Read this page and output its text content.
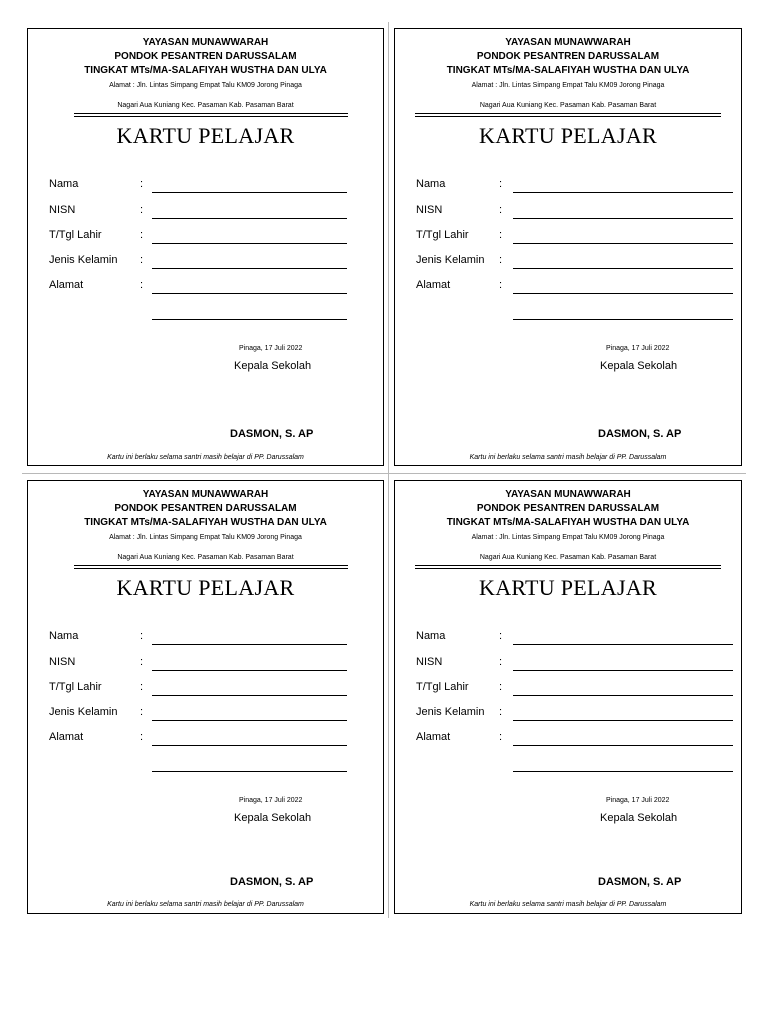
YAYASAN MUNAWWARAH
PONDOK PESANTREN DARUSSALAM
TINGKAT MTs/MA-SALAFIYAH WUSTHA DAN ULYA
Alamat : Jln. Lintas Simpang Empat Talu KM09 Jorong Pinaga
Nagari Aua Kuniang Kec. Pasaman Kab. Pasaman Barat
KARTU PELAJAR
Nama	:
NISN	:
T/Tgl Lahir	:
Jenis Kelamin :
Alamat	:
Pinaga, 17 Juli 2022
Kepala Sekolah
DASMON, S. AP
Kartu ini berlaku selama santri masih belajar di PP. Darussalam
YAYASAN MUNAWWARAH
PONDOK PESANTREN DARUSSALAM
TINGKAT MTs/MA-SALAFIYAH WUSTHA DAN ULYA
Alamat : Jln. Lintas Simpang Empat Talu KM09 Jorong Pinaga
Nagari Aua Kuniang Kec. Pasaman Kab. Pasaman Barat
KARTU PELAJAR
Nama	:
NISN	:
T/Tgl Lahir	:
Jenis Kelamin :
Alamat	:
Pinaga, 17 Juli 2022
Kepala Sekolah
DASMON, S. AP
Kartu ini berlaku selama santri masih belajar di PP. Darussalam
YAYASAN MUNAWWARAH
PONDOK PESANTREN DARUSSALAM
TINGKAT MTs/MA-SALAFIYAH WUSTHA DAN ULYA
Alamat : Jln. Lintas Simpang Empat Talu KM09 Jorong Pinaga
Nagari Aua Kuniang Kec. Pasaman Kab. Pasaman Barat
KARTU PELAJAR
Nama	:
NISN	:
T/Tgl Lahir	:
Jenis Kelamin :
Alamat	:
Pinaga, 17 Juli 2022
Kepala Sekolah
DASMON, S. AP
Kartu ini berlaku selama santri masih belajar di PP. Darussalam
YAYASAN MUNAWWARAH
PONDOK PESANTREN DARUSSALAM
TINGKAT MTs/MA-SALAFIYAH WUSTHA DAN ULYA
Alamat : Jln. Lintas Simpang Empat Talu KM09 Jorong Pinaga
Nagari Aua Kuniang Kec. Pasaman Kab. Pasaman Barat
KARTU PELAJAR
Nama	:
NISN	:
T/Tgl Lahir	:
Jenis Kelamin :
Alamat	:
Pinaga, 17 Juli 2022
Kepala Sekolah
DASMON, S. AP
Kartu ini berlaku selama santri masih belajar di PP. Darussalam
